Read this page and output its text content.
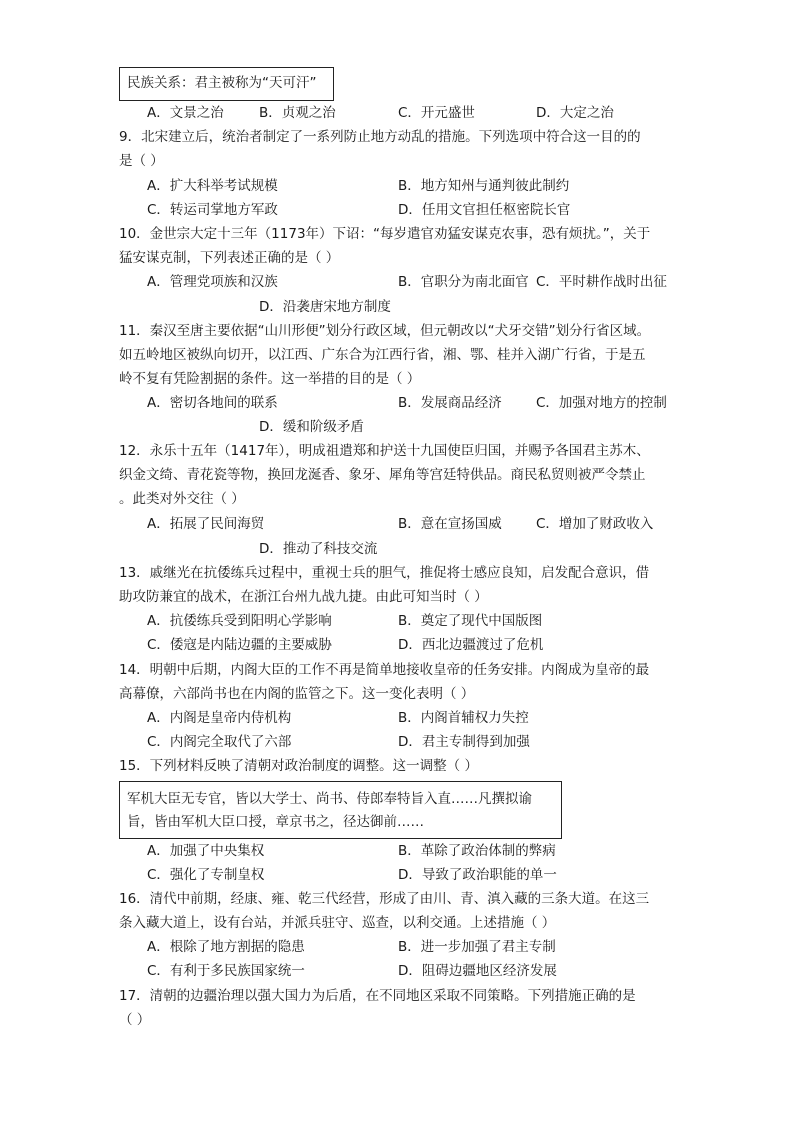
民族关系：君主被称为“天可汗”
A．文景之治	B．贞观之治	C．开元盛世	D．大定之治
9．北宋建立后，统治者制定了一系列防止地方动乱的措施。下列选项中符合这一目的的
是（ ）
A．扩大科举考试规模	B．地方知州与通判彼此制约
C．转运司掌地方军政	D．任用文官担任枢密院长官
10．金世宗大定十三年（1173年）下诏：“每岁遣官劝猛安谋克农事，恐有烦扰。”，关于
猛安谋克制，下列表述正确的是（ ）
A．管理党项族和汉族	B．官职分为南北面官 C．平时耕作战时出征
D．沿袭唐宋地方制度
11．秦汉至唐主要依据“山川形便”划分行政区域，但元朝改以“犬牙交错”划分行省区域。
如五岭地区被纵向切开，以江西、广东合为江西行省，湘、鄂、桂并入湖广行省，于是五
岭不复有凭险割据的条件。这一举措的目的是（ ）
A．密切各地间的联系	B．发展商品经济	C．加强对地方的控制
D．缓和阶级矛盾
12．永乐十五年（1417年），明成祖遣郑和护送十九国使臣归国，并赐予各国君主苏木、
织金文绮、青花瓷等物，换回龙涎香、象牙、犀角等宫廷特供品。商民私贸则被严令禁止
。此类对外交往（ ）
A．拓展了民间海贸	B．意在宣扬国威	C．增加了财政收入
D．推动了科技交流
13．戚继光在抗倭练兵过程中，重视士兵的胆气，推促将士感应良知，启发配合意识，借
助攻防兼宜的战术，在浙江台州九战九捷。由此可知当时（ ）
A．抗倭练兵受到阳明心学影响	B．奠定了现代中国版图
C．倭寇是内陆边疆的主要威胁	D．西北边疆渡过了危机
14．明朝中后期，内阁大臣的工作不再是简单地接收皇帝的任务安排。内阁成为皇帝的最
高幕僚，六部尚书也在内阁的监管之下。这一变化表明（ ）
A．内阁是皇帝内侍机构	B．内阁首辅权力失控
C．内阁完全取代了六部	D．君主专制得到加强
15．下列材料反映了清朝对政治制度的调整。这一调整（ ）
军机大臣无专官，皆以大学士、尚书、侍郎奉特旨入直……凡撰拟谕
旨，皆由军机大臣口授，章京书之，径达御前……
A．加强了中央集权	B．革除了政治体制的弊病
C．强化了专制皇权	D．导致了政治职能的单一
16．清代中前期，经康、雍、乾三代经营，形成了由川、青、滇入藏的三条大道。在这三
条入藏大道上，设有台站，并派兵驻守、巡查，以利交通。上述措施（ ）
A．根除了地方割据的隐患	B．进一步加强了君主专制
C．有利于多民族国家统一	D．阻碍边疆地区经济发展
17．清朝的边疆治理以强大国力为后盾，在不同地区采取不同策略。下列措施正确的是
（ ）
